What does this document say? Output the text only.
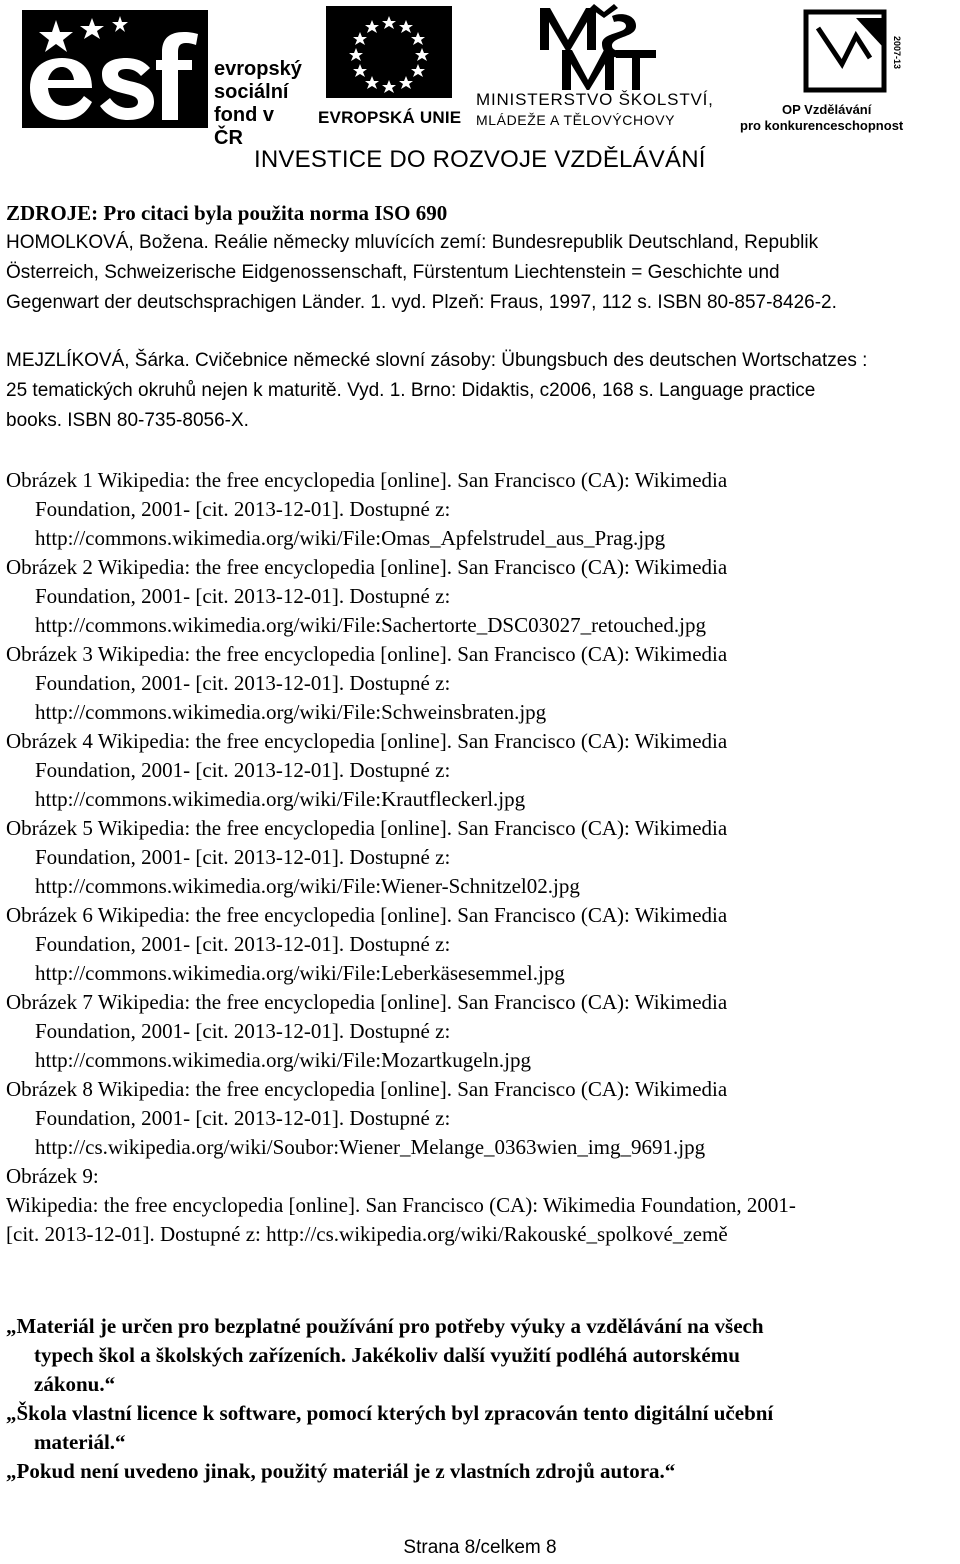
evropský
sociální
fond v ČR
EVROPSKÁ UNIE
MINISTERSTVO ŠKOLSTVÍ,
MLÁDEŽE A TĚLOVÝCHOVY
2007-13
OP Vzdělávání
pro konkurenceschopnost
INVESTICE DO ROZVOJE VZDĚLÁVÁNÍ
ZDROJE: Pro citaci byla použita norma ISO 690
HOMOLKOVÁ, Božena. Reálie německy mluvících zemí: Bundesrepublik Deutschland, Republik
Österreich, Schweizerische Eidgenossenschaft, Fürstentum Liechtenstein = Geschichte und
Gegenwart der deutschsprachigen Länder. 1. vyd. Plzeň: Fraus, 1997, 112 s. ISBN 80-857-8426-2.
MEJZLÍKOVÁ, Šárka. Cvičebnice německé slovní zásoby: Übungsbuch des deutschen Wortschatzes :
25 tematických okruhů nejen k maturitě. Vyd. 1. Brno: Didaktis, c2006, 168 s. Language practice
books. ISBN 80-735-8056-X.
Obrázek 1 Wikipedia: the free encyclopedia [online]. San Francisco (CA): Wikimedia
Foundation, 2001- [cit. 2013-12-01]. Dostupné z:
http://commons.wikimedia.org/wiki/File:Omas_Apfelstrudel_aus_Prag.jpg
Obrázek 2 Wikipedia: the free encyclopedia [online]. San Francisco (CA): Wikimedia
Foundation, 2001- [cit. 2013-12-01]. Dostupné z:
http://commons.wikimedia.org/wiki/File:Sachertorte_DSC03027_retouched.jpg
Obrázek 3 Wikipedia: the free encyclopedia [online]. San Francisco (CA): Wikimedia
Foundation, 2001- [cit. 2013-12-01]. Dostupné z:
http://commons.wikimedia.org/wiki/File:Schweinsbraten.jpg
Obrázek 4 Wikipedia: the free encyclopedia [online]. San Francisco (CA): Wikimedia
Foundation, 2001- [cit. 2013-12-01]. Dostupné z:
http://commons.wikimedia.org/wiki/File:Krautfleckerl.jpg
Obrázek 5 Wikipedia: the free encyclopedia [online]. San Francisco (CA): Wikimedia
Foundation, 2001- [cit. 2013-12-01]. Dostupné z:
http://commons.wikimedia.org/wiki/File:Wiener-Schnitzel02.jpg
Obrázek 6 Wikipedia: the free encyclopedia [online]. San Francisco (CA): Wikimedia
Foundation, 2001- [cit. 2013-12-01]. Dostupné z:
http://commons.wikimedia.org/wiki/File:Leberkäsesemmel.jpg
Obrázek 7 Wikipedia: the free encyclopedia [online]. San Francisco (CA): Wikimedia
Foundation, 2001- [cit. 2013-12-01]. Dostupné z:
http://commons.wikimedia.org/wiki/File:Mozartkugeln.jpg
Obrázek 8 Wikipedia: the free encyclopedia [online]. San Francisco (CA): Wikimedia
Foundation, 2001- [cit. 2013-12-01]. Dostupné z:
http://cs.wikipedia.org/wiki/Soubor:Wiener_Melange_0363wien_img_9691.jpg
Obrázek 9:
Wikipedia: the free encyclopedia [online]. San Francisco (CA): Wikimedia Foundation, 2001-
[cit. 2013-12-01]. Dostupné z: http://cs.wikipedia.org/wiki/Rakouské_spolkové_země
„Materiál je určen pro bezplatné používání pro potřeby výuky a vzdělávání na všech
typech škol a školských zařízeních. Jakékoliv další využití podléhá autorskému
zákonu.“
„Škola vlastní licence k software, pomocí kterých byl zpracován tento digitální učební
materiál.“
„Pokud není uvedeno jinak, použitý materiál je z vlastních zdrojů autora.“
Strana 8/celkem 8
